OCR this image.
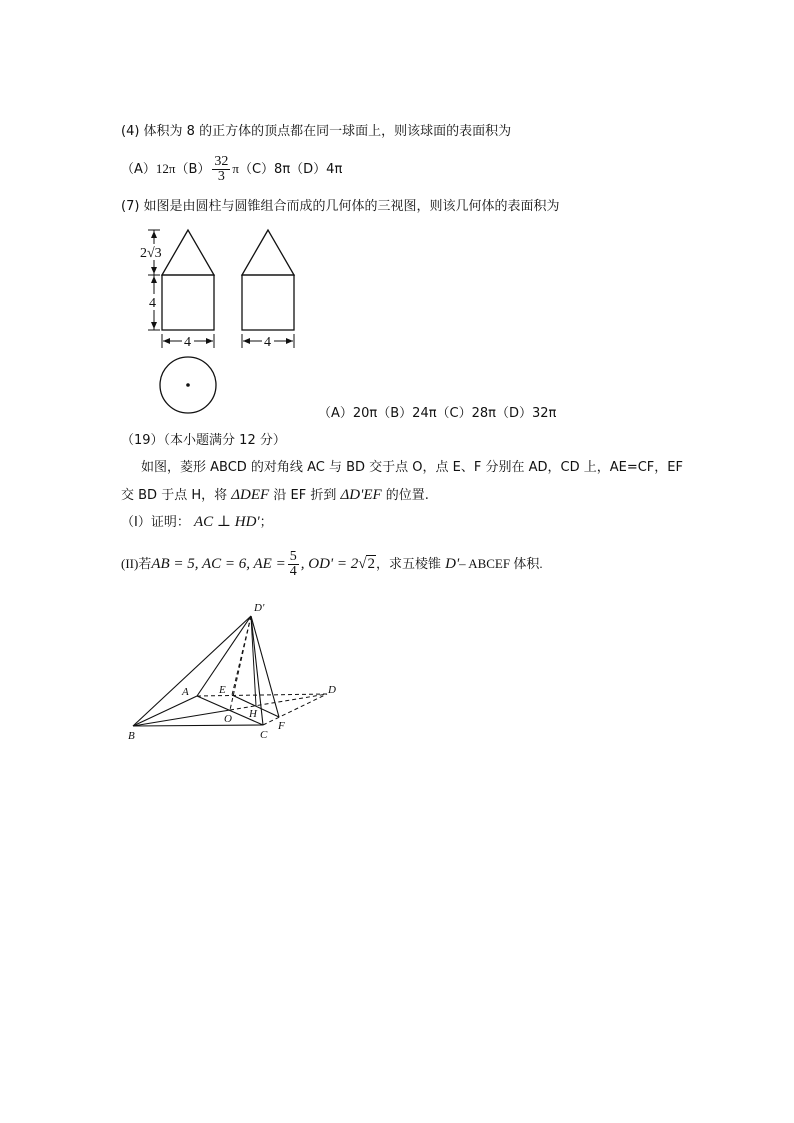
(4) 体积为 8 的正方体的顶点都在同一球面上，则该球面的表面积为
$(A)12\pi(B) \frac{32}{3} \pi(C)8\pi(D)4\pi$
(7) 如图是由圆柱与圆锥组合而成的几何体的三视图，则该几何体的表面积为
2√3
4
4	4
（A）20π（B）24π（C）28π（D）32π
（19）（本小题满分 12 分）
如图，菱形 ABCD 的对角线 AC 与 BD 交于点 O，点 E、F 分别在 AD，CD 上，AE=CF，EF
交 BD 于点 H，将 ΔDEF 沿 EF 折到 ΔD'EF 的位置.
（I）证明： AC ⊥ HD'；
(II)若AB = 5, AC = 6, AE = $\frac{5}{4}$ , OD' = 2√2，求五棱锥 D'– ABCEF 体积.
D'
A	E	D
O H
F
B	C
